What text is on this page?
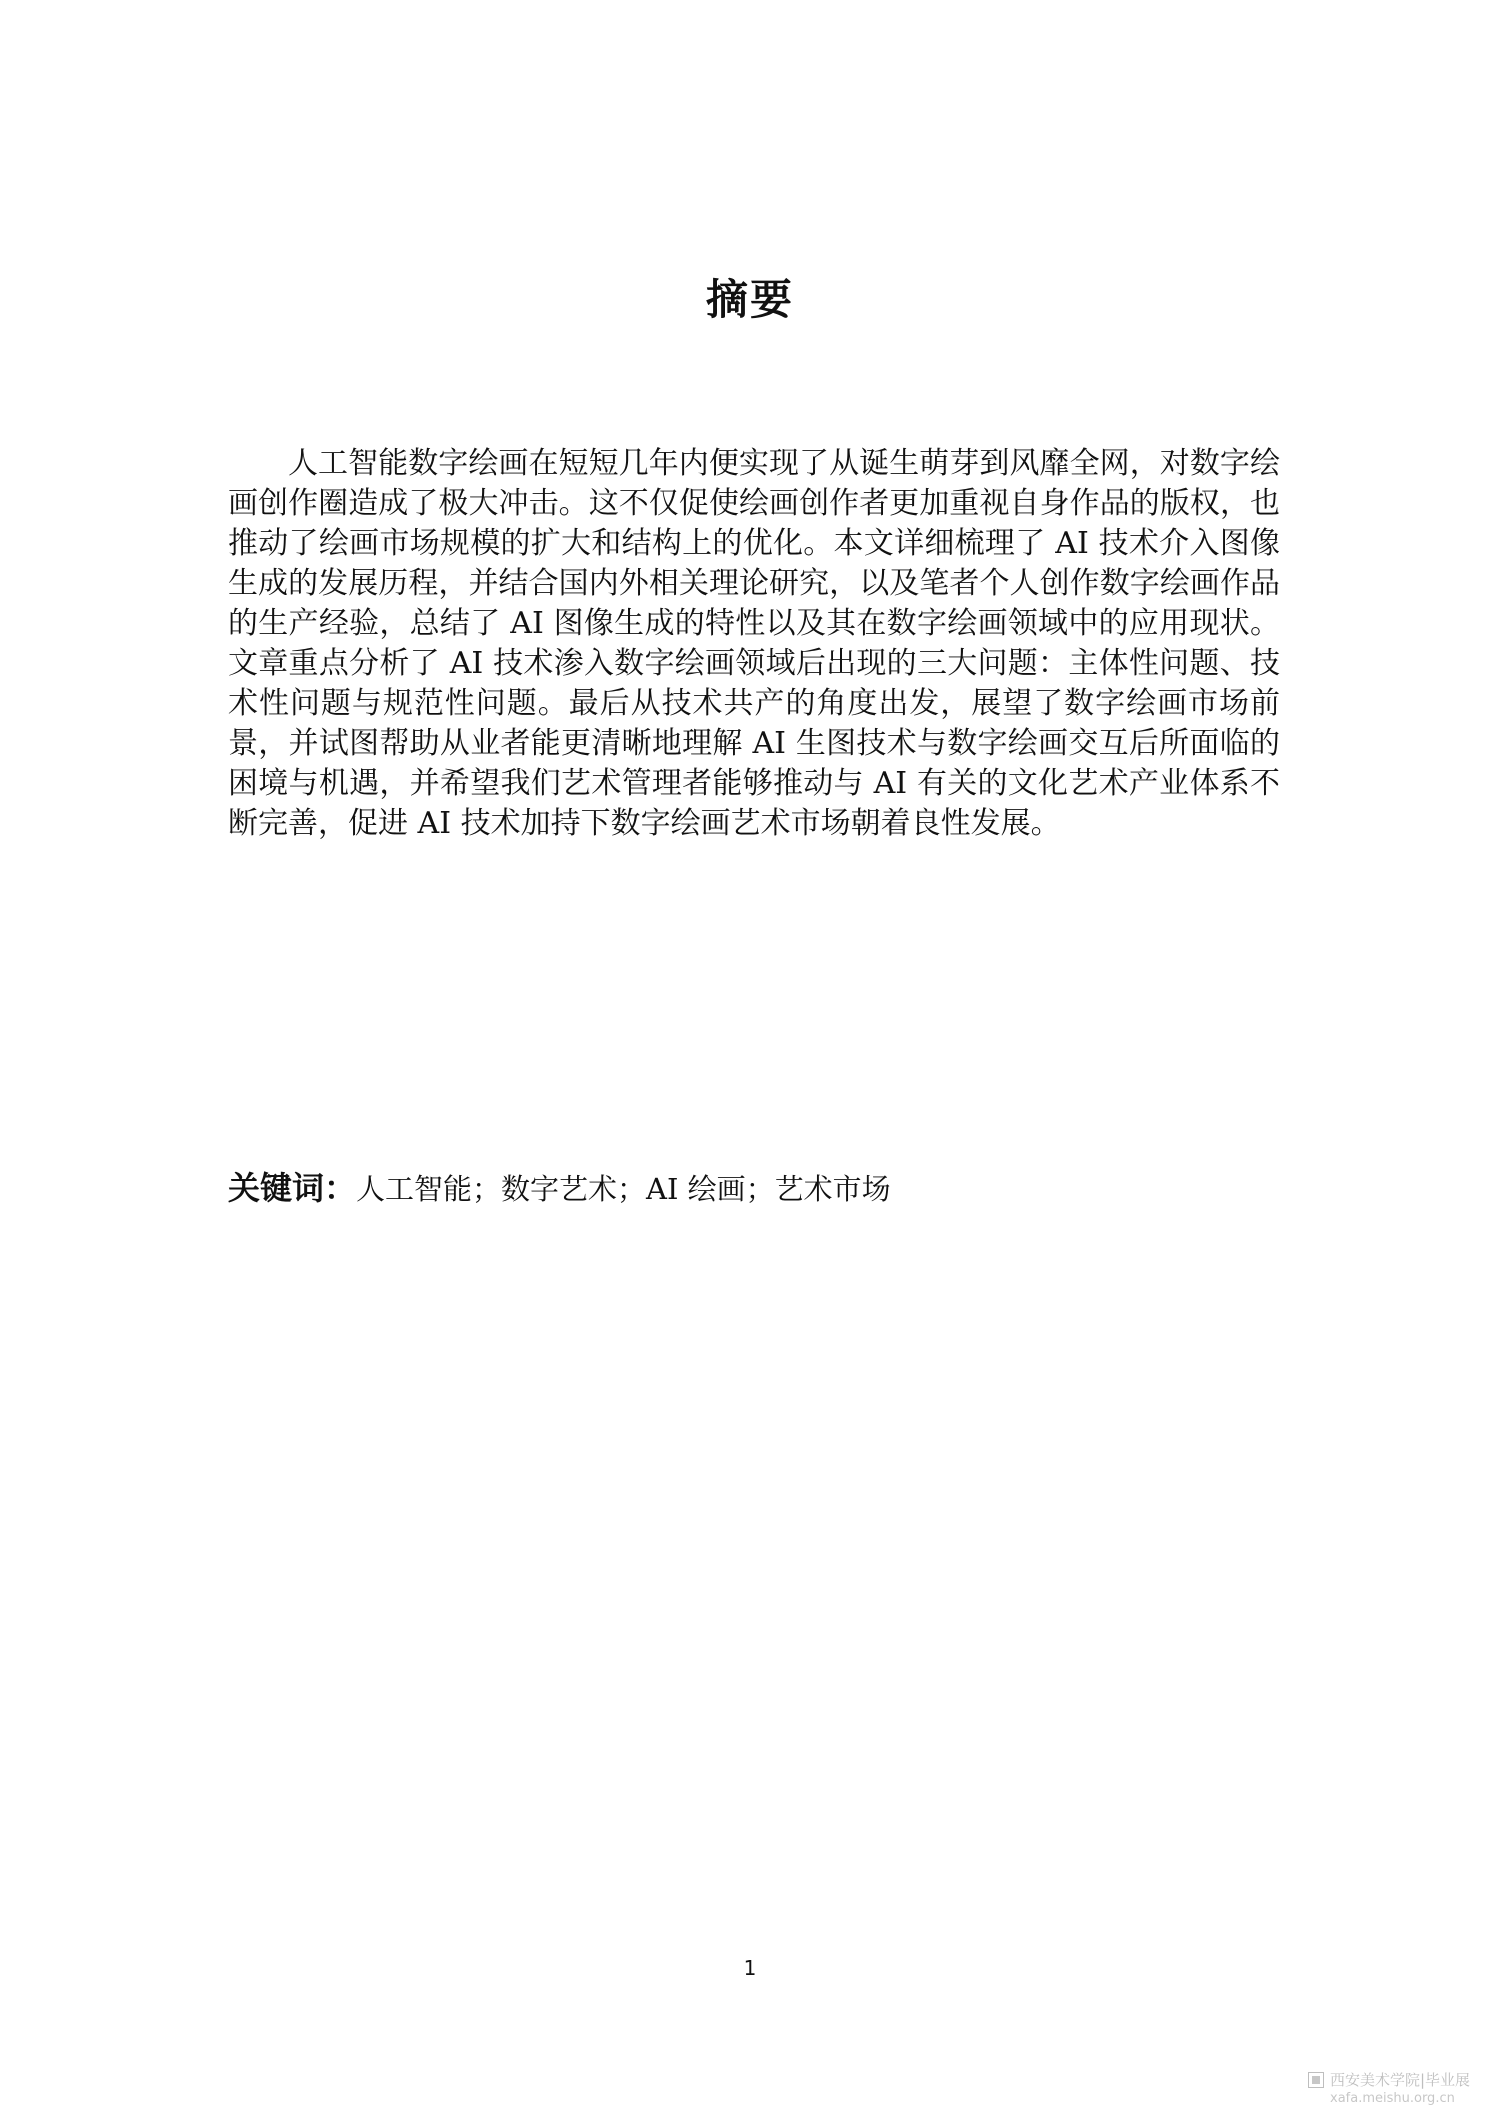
摘要

人工智能数字绘画在短短几年内便实现了从诞生萌芽到风靡全网，对数字绘画创作圈造成了极大冲击。这不仅促使绘画创作者更加重视自身作品的版权，也推动了绘画市场规模的扩大和结构上的优化。本文详细梳理了 AI 技术介入图像生成的发展历程，并结合国内外相关理论研究，以及笔者个人创作数字绘画作品的生产经验，总结了 AI 图像生成的特性以及其在数字绘画领域中的应用现状。文章重点分析了 AI 技术渗入数字绘画领域后出现的三大问题：主体性问题、技术性问题与规范性问题。最后从技术共产的角度出发，展望了数字绘画市场前景，并试图帮助从业者能更清晰地理解 AI 生图技术与数字绘画交互后所面临的困境与机遇，并希望我们艺术管理者能够推动与 AI 有关的文化艺术产业体系不断完善，促进 AI 技术加持下数字绘画艺术市场朝着良性发展。

关键词：人工智能；数字艺术；AI 绘画；艺术市场
1
西安美术学院|毕业展
xafa.meishu.org.cn
